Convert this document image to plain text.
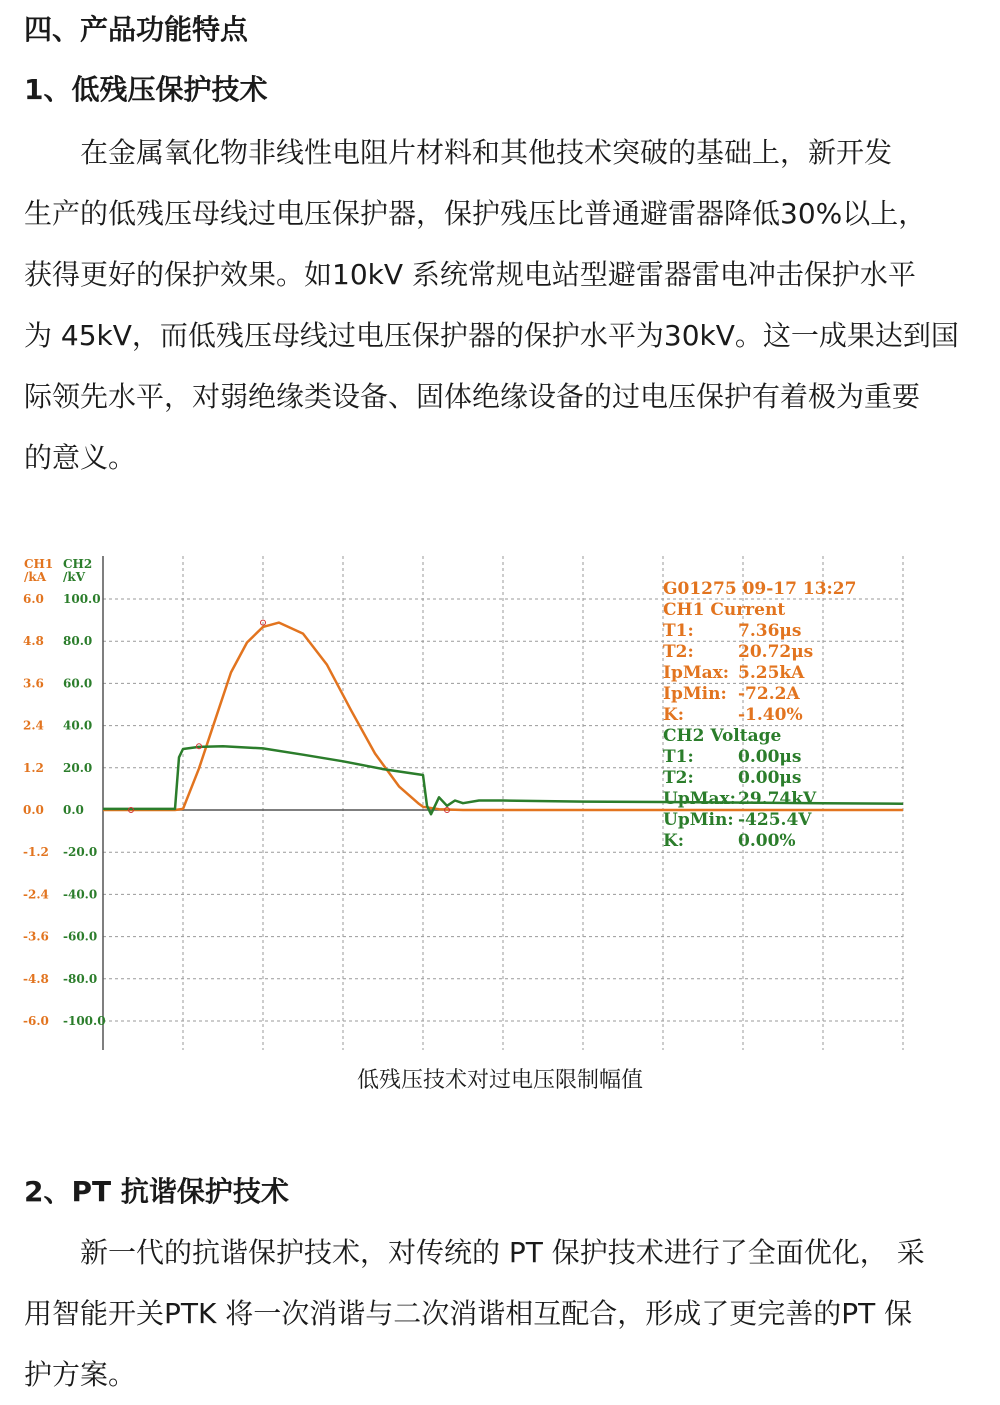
四、产品功能特点
1、低残压保护技术
在金属氧化物非线性电阻片材料和其他技术突破的基础上，新开发
生产的低残压母线过电压保护器，保护残压比普通避雷器降低30%以上，
获得更好的保护效果。如10kV 系统常规电站型避雷器雷电冲击保护水平
为 45kV，而低残压母线过电压保护器的保护水平为30kV。这一成果达到国
际领先水平，对弱绝缘类设备、固体绝缘设备的过电压保护有着极为重要
的意义。
CH1
/kA
CH2
/kV
6.0
4.8
3.6
2.4
1.2
0.0
-1.2
-2.4
-3.6
-4.8
-6.0
100.0
80.0
60.0
40.0
20.0
0.0
-20.0
-40.0
-60.0
-80.0
-100.0
G01275 09-17 13:27
CH1 Current
T1:	7.36μs
T2:	20.72μs
IpMax: 5.25kA
IpMin: -72.2A
K:	-1.40%
CH2 Voltage
T1:	0.00μs
T2:	0.00μs
UpMax: 29.74kV
UpMin: -425.4V
K:	0.00%

低残压技术对过电压限制幅值

2、PT 抗谐保护技术
新一代的抗谐保护技术，对传统的 PT 保护技术进行了全面优化， 采
用智能开关PTK 将一次消谐与二次消谐相互配合，形成了更完善的PT 保
护方案。
